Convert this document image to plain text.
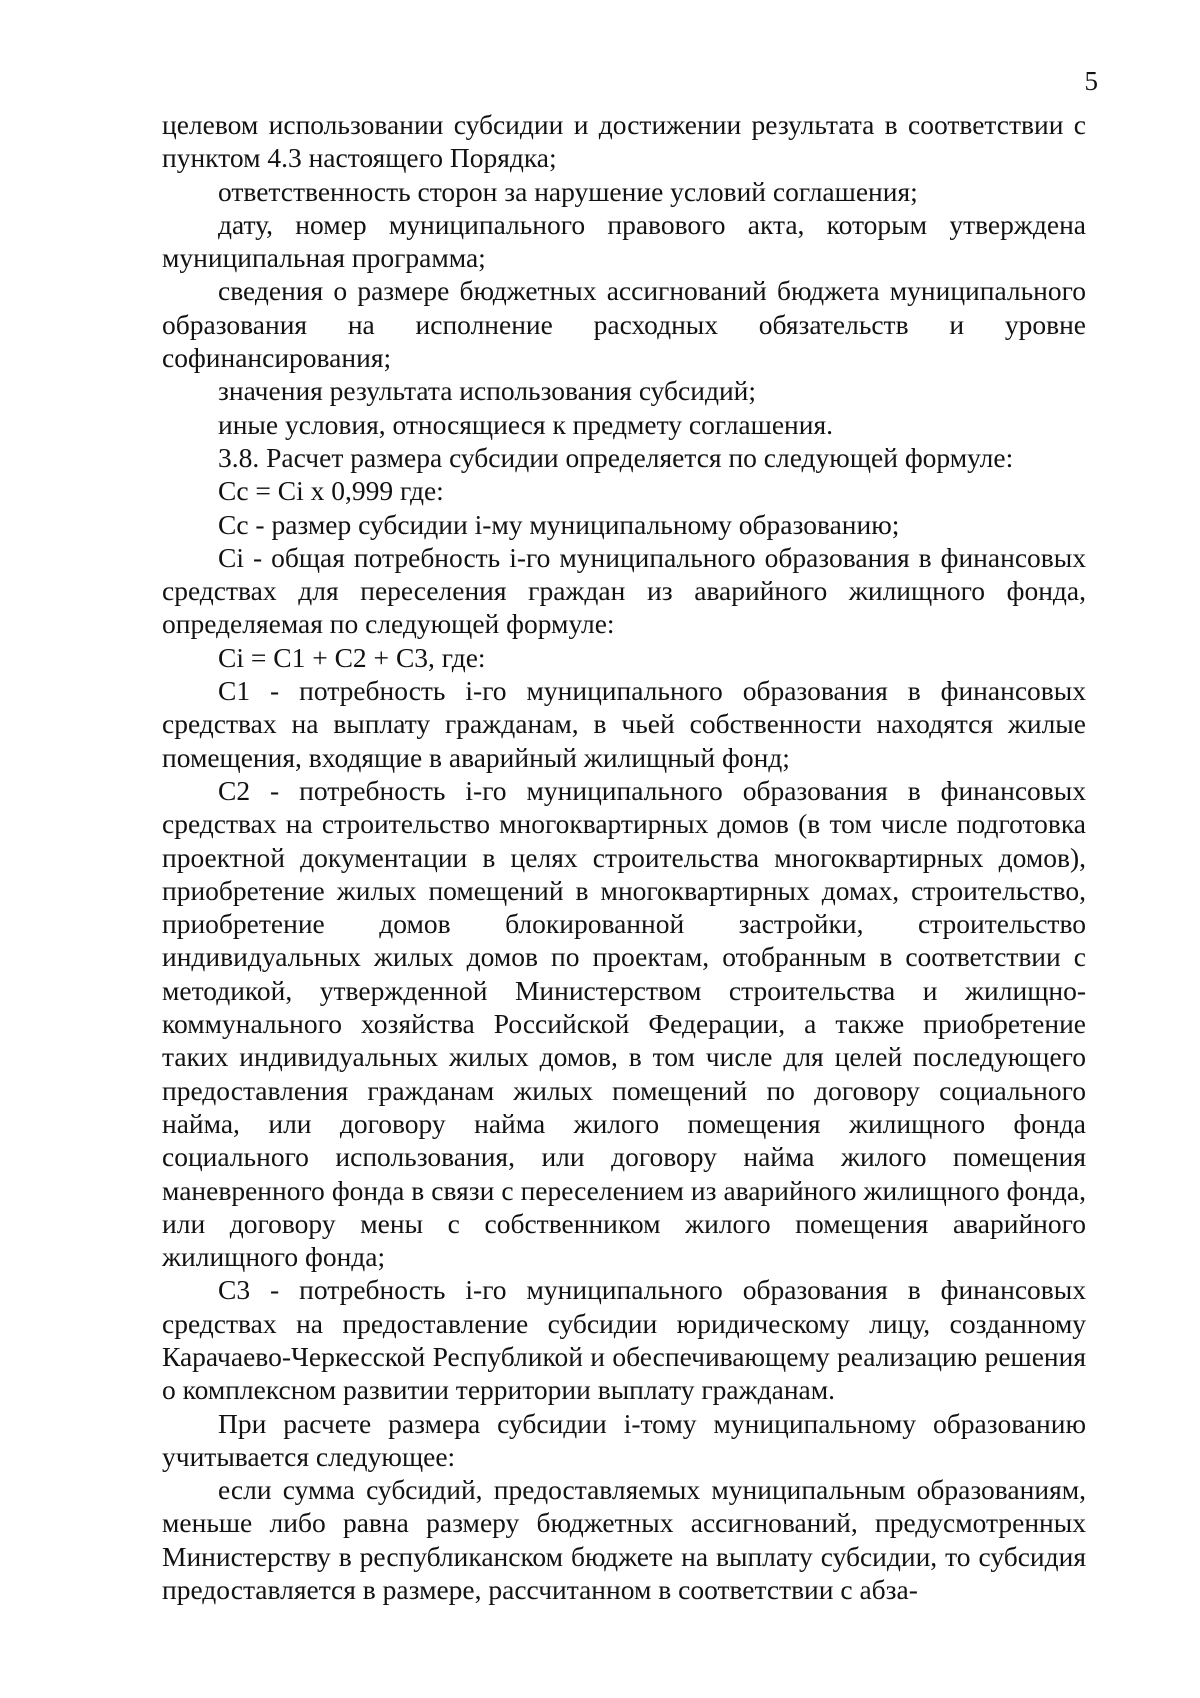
5

целевом использовании субсидии и достижении результата в соответствии с пунктом 4.3 настоящего Порядка;

ответственность сторон за нарушение условий соглашения;

дату, номер муниципального правового акта, которым утверждена муниципальная программа;

сведения о размере бюджетных ассигнований бюджета муниципального образования на исполнение расходных обязательств и уровне софинансирования;

значения результата использования субсидий;

иные условия, относящиеся к предмету соглашения.

3.8. Расчет размера субсидии определяется по следующей формуле:

Cc = Ci x 0,999 где:

Cc - размер субсидии i-му муниципальному образованию;

Ci - общая потребность i-го муниципального образования в финансовых средствах для переселения граждан из аварийного жилищного фонда, определяемая по следующей формуле:

Ci = C1 + C2 + C3, где:

C1 - потребность i-го муниципального образования в финансовых средствах на выплату гражданам, в чьей собственности находятся жилые помещения, входящие в аварийный жилищный фонд;

C2 - потребность i-го муниципального образования в финансовых средствах на строительство многоквартирных домов (в том числе подготовка проектной документации в целях строительства многоквартирных домов), приобретение жилых помещений в многоквартирных домах, строительство, приобретение домов блокированной застройки, строительство индивидуальных жилых домов по проектам, отобранным в соответствии с методикой, утвержденной Министерством строительства и жилищно-коммунального хозяйства Российской Федерации, а также приобретение таких индивидуальных жилых домов, в том числе для целей последующего предоставления гражданам жилых помещений по договору социального найма, или договору найма жилого помещения жилищного фонда социального использования, или договору найма жилого помещения маневренного фонда в связи с переселением из аварийного жилищного фонда, или договору мены с собственником жилого помещения аварийного жилищного фонда;

C3 - потребность i-го муниципального образования в финансовых средствах на предоставление субсидии юридическому лицу, созданному Карачаево-Черкесской Республикой и обеспечивающему реализацию решения о комплексном развитии территории выплату гражданам.

При расчете размера субсидии i-тому муниципальному образованию учитывается следующее:

если сумма субсидий, предоставляемых муниципальным образованиям, меньше либо равна размеру бюджетных ассигнований, предусмотренных Министерству в республиканском бюджете на выплату субсидии, то субсидия предоставляется в размере, рассчитанном в соответствии с абза-
